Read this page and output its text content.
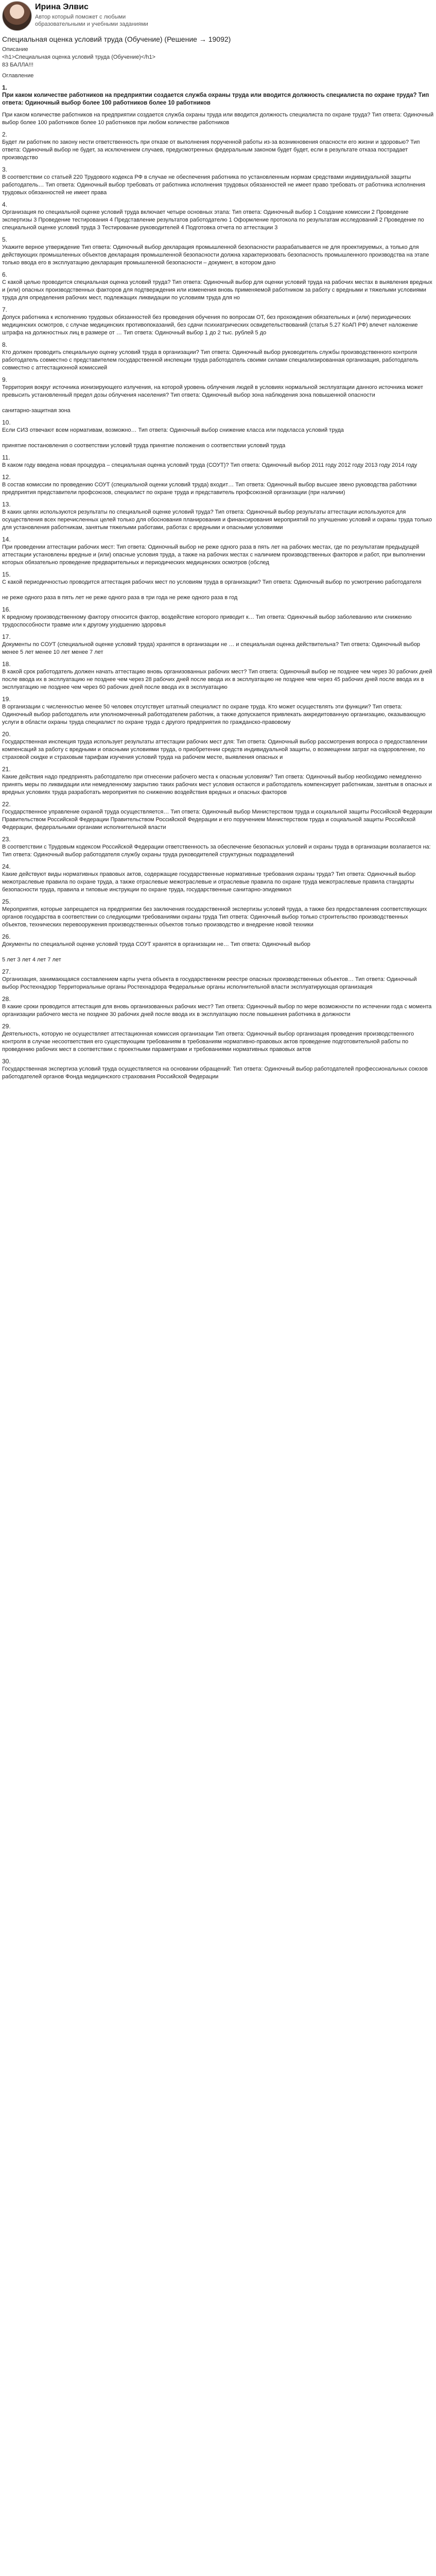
Ирина Элвис
Автор который поможет с любыми образовательными и учебными заданиями
Специальная оценка условий труда (Обучение) (Решение → 19092)
Описание
<h1>Специальная оценка условий труда (Обучение)</h1>
83 БАЛЛА!!!
Оглавление
1.
При каком количестве работников на предприятии создается служба охраны труда или вводится должность специалиста по охране труда? Тип ответа: Одиночный выбор более 100 работников более 10 работников
При каком количестве работников на предприятии создается служба охраны труда или вводится должность специалиста по охране труда? Тип ответа: Одиночный выбор более 100 работников более 10 работников при любом количестве работников
2.
Будет ли работник по закону нести ответственность при отказе от выполнения порученной работы из-за возникновения опасности его жизни и здоровью? Тип ответа: Одиночный выбор не будет, за исключением случаев, предусмотренных федеральным законом будет будет, если в результате отказа пострадает производство
3.
В соответствии со статьей 220 Трудового кодекса РФ в случае не обеспечения работника по установленным нормам средствами индивидуальной защиты работодатель… Тип ответа: Одиночный выбор требовать от работника исполнения трудовых обязанностей не имеет право требовать от работника исполнения трудовых обязанностей не имеет права
4.
Организация по специальной оценке условий труда включает четыре основных этапа: Тип ответа: Одиночный выбор 1 Создание комиссии 2 Проведение экспертизы 3 Проведение тестирования 4 Представление результатов работодателю 1 Оформление протокола по результатам исследований 2 Проведение по специальной оценке условий труда 3 Тестирование руководителей 4 Подготовка отчета по аттестации 3
5.
Укажите верное утверждение Тип ответа: Одиночный выбор декларация промышленной безопасности разрабатывается не для проектируемых, а только для действующих промышленных объектов декларация промышленной безопасности должна характеризовать безопасность промышленного производства на этапе только ввода его в эксплуатацию декларация промышленной безопасности – документ, в котором дано
6.
С какой целью проводится специальная оценка условий труда? Тип ответа: Одиночный выбор для оценки условий труда на рабочих местах в выявления вредных и (или) опасных производственных факторов для подтверждения или изменения вновь применяемой работником за работу с вредными и тяжелыми условиями труда для определения рабочих мест, подлежащих ликвидации по условиям труда для но
7.
Допуск работника к исполнению трудовых обязанностей без проведения обучения по вопросам ОТ, без прохождения обязательных и (или) периодических медицинских осмотров, с случае медицинских противопоказаний, без сдачи психиатрических освидетельствований (статья 5.27 КоАП РФ) влечет наложение штрафа на должностных лиц в размере от … Тип ответа: Одиночный выбор 1 до 2 тыс. рублей 5 до
8.
Кто должен проводить специальную оценку условий труда в организации? Тип ответа: Одиночный выбор руководитель службы производственного контроля работодатель совместно с представителем государственной инспекции труда работодатель своими силами специализированная организация, работодатель совместно с аттестационной комиссией
9.
Территория вокруг источника ионизирующего излучения, на которой уровень облучения людей в условиях нормальной эксплуатации данного источника может превысить установленный предел дозы облучения населения? Тип ответа: Одиночный выбор зона наблюдения зона повышенной опасности

санитарно-защитная зона
10.
Если СИЗ отвечают всем нормативам, возможно… Тип ответа: Одиночный выбор снижение класса или подкласса условий труда

принятие постановления о соответствии условий труда принятие положения о соответствии условий труда
11.
В каком году введена новая процедура – специальная оценка условий труда (СОУТ)? Тип ответа: Одиночный выбор 2011 году 2012 году 2013 году 2014 году
12.
В состав комиссии по проведению СОУТ (специальной оценки условий труда) входит… Тип ответа: Одиночный выбор высшее звено руководства работники предприятия представители профсоюзов, специалист по охране труда и представитель профсоюзной организации (при наличии)
13.
В каких целях используются результаты по специальной оценке условий труда? Тип ответа: Одиночный выбор результаты аттестации используются для осуществления всех перечисленных целей только для обоснования планирования и финансирования мероприятий по улучшению условий и охраны труда только для установления работникам, занятым тяжелыми работами, работах с вредными и опасными условиями
14.
При проведении аттестации рабочих мест: Тип ответа: Одиночный выбор не реже одного раза в пять лет на рабочих местах, где по результатам предыдущей аттестации установлены вредные и (или) опасные условия труда, а также на рабочих местах с наличием производственных факторов и работ, при выполнении которых обязательно проведение предварительных и периодических медицинских осмотров (обслед
15.
С какой периодичностью проводится аттестация рабочих мест по условиям труда в организации? Тип ответа: Одиночный выбор по усмотрению работодателя

не реже одного раза в пять лет не реже одного раза в три года не реже одного раза в год
16.
К вредному производственному фактору относится фактор, воздействие которого приводит к… Тип ответа: Одиночный выбор заболеванию или снижению трудоспособности травме или к другому ухудшению здоровья
17.
Документы по СОУТ (специальной оценке условий труда) хранятся в организации не … и специальная оценка действительна? Тип ответа: Одиночный выбор менее 5 лет менее 10 лет менее 7 лет
18.
В какой срок работодатель должен начать аттестацию вновь организованных рабочих мест? Тип ответа: Одиночный выбор не позднее чем через 30 рабочих дней после ввода их в эксплуатацию не позднее чем через 28 рабочих дней после ввода их в эксплуатацию не позднее чем через 45 рабочих дней после ввода их в эксплуатацию не позднее чем через 60 рабочих дней после ввода их в эксплуатацию
19.
В организации с численностью менее 50 человек отсутствует штатный специалист по охране труда. Кто может осуществлять эти функции? Тип ответа: Одиночный выбор работодатель или уполномоченный работодателем работник, а также допускается привлекать аккредитованную организацию, оказывающую услуги в области охраны труда специалист по охране труда с другого предприятия по гражданско-правовому
20.
Государственная инспекция труда использует результаты аттестации рабочих мест для: Тип ответа: Одиночный выбор рассмотрения вопроса о предоставлении компенсаций за работу с вредными и опасными условиями труда, о приобретении средств индивидуальной защиты, о возмещении затрат на оздоровление, по страховой скидке и страховым тарифам изучения условий труда на рабочем месте, выявления опасных и
21.
Какие действия надо предпринять работодателю при отнесении рабочего места к опасным условиям? Тип ответа: Одиночный выбор необходимо немедленно принять меры по ликвидации или немедленному закрытию таких рабочих мест условия остаются и работодатель компенсирует работникам, занятым в опасных и вредных условиях труда разработать мероприятия по снижению воздействия вредных и опасных факторов
22.
Государственное управление охраной труда осуществляется… Тип ответа: Одиночный выбор Министерством труда и социальной защиты Российской Федерации Правительством Российской Федерации Правительством Российской Федерации и его поручением Министерством труда и социальной защиты Российской Федерации, федеральными органами исполнительной власти
23.
В соответствии с Трудовым кодексом Российской Федерации ответственность за обеспечение безопасных условий и охраны труда в организации возлагается на: Тип ответа: Одиночный выбор работодателя службу охраны труда руководителей структурных подразделений
24.
Какие действуют виды нормативных правовых актов, содержащие государственные нормативные требования охраны труда? Тип ответа: Одиночный выбор межотраслевые правила по охране труда, а также отраслевые межотраслевые и отраслевые правила по охране труда межотраслевые правила стандарты безопасности труда, правила и типовые инструкции по охране труда, государственные санитарно-эпидемиол
25.
Мероприятия, которые запрещается на предприятии без заключения государственной экспертизы условий труда, а также без предоставления соответствующих органов государства в соответствии со следующими требованиями охраны труда Тип ответа: Одиночный выбор только строительство производственных объектов, технических перевооружения производственных объектов только производство и внедрение новой техники
26.
Документы по специальной оценке условий труда СОУТ хранятся в организации не… Тип ответа: Одиночный выбор

5 лет 3 лет 4 лет 7 лет
27.
Организация, занимающаяся составлением карты учета объекта в государственном реестре опасных производственных объектов… Тип ответа: Одиночный выбор Ростехнадзор Территориальные органы Ростехнадзора Федеральные органы исполнительной власти эксплуатирующая организация
28.
В какие сроки проводится аттестация для вновь организованных рабочих мест? Тип ответа: Одиночный выбор по мере возможности по истечении года с момента организации рабочего места не позднее 30 рабочих дней после ввода их в эксплуатацию после повышения работника в должности
29.
Деятельность, которую не осуществляет аттестационная комиссия организации Тип ответа: Одиночный выбор организация проведения производственного контроля в случае несоответствия его существующим требованиям в требованиям нормативно-правовых актов проведение подготовительной работы по проведению рабочих мест в соответствии с проектными параметрами и требованиями нормативных правовых актов
30.
Государственная экспертиза условий труда осуществляется на основании обращений: Тип ответа: Одиночный выбор работодателей профессиональных союзов работодателей органов Фонда медицинского страхования Российской Федерации
